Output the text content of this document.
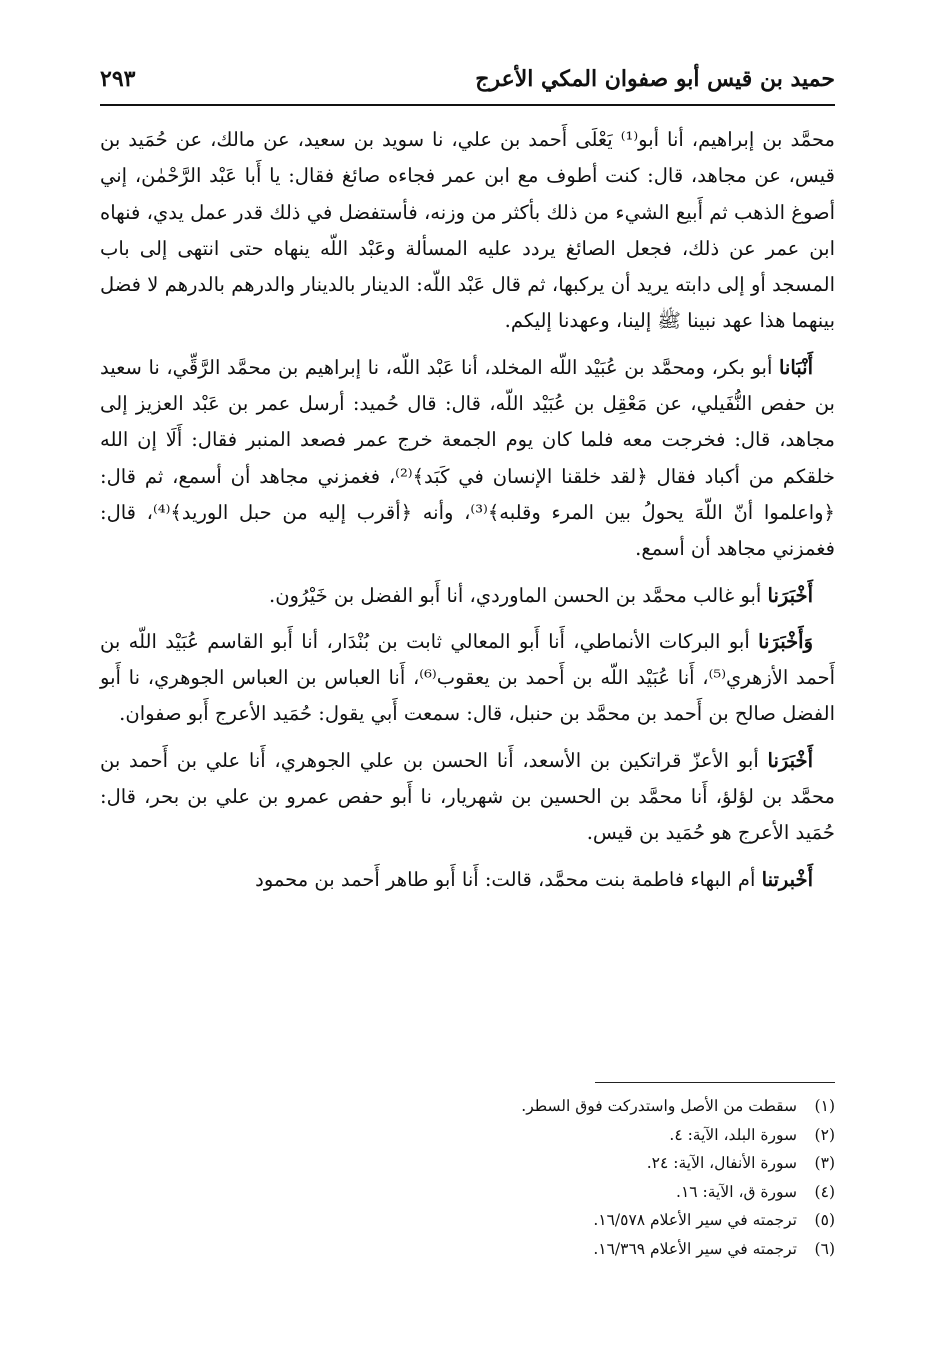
حميد بن قيس أبو صفوان المكي الأعرج
٢٩٣

محمَّد بن إبراهيم، أنا أبو⁽¹⁾ يَعْلَى أَحمد بن علي، نا سويد بن سعيد، عن مالك، عن حُمَيد بن قيس، عن مجاهد، قال: كنت أطوف مع ابن عمر فجاءه صائغ فقال: يا أَبا عَبْد الرَّحْمٰن، إني أصوغ الذهب ثم أَبيع الشيء من ذلك بأكثر من وزنه، فأستفضل في ذلك قدر عمل يدي، فنهاه ابن عمر عن ذلك، فجعل الصائغ يردد عليه المسألة وعَبْد اللّه ينهاه حتى انتهى إلى باب المسجد أو إلى دابته يريد أن يركبها، ثم قال عَبْد اللّه: الدينار بالدينار والدرهم بالدرهم لا فضل بينهما هذا عهد نبينا ﷺ إلينا، وعهدنا إليكم.

أَنْبَانا أبو بكر، ومحمَّد بن عُبَيْد اللّه المخلد، أنا عَبْد اللّه، نا إبراهيم بن محمَّد الرَّقِّي، نا سعيد بن حفص النُّفَيلي، عن مَعْقِل بن عُبَيْد اللّه، قال: قال حُميد: أرسل عمر بن عَبْد العزيز إلى مجاهد، قال: فخرجت معه فلما كان يوم الجمعة خرج عمر فصعد المنبر فقال: أَلَا إن الله خلقكم من أكباد فقال ﴿لقد خلقنا الإنسان في كَبَد﴾⁽²⁾، فغمزني مجاهد أن أسمع، ثم قال: ﴿واعلموا أنّ اللّهَ يحولُ بين المرء وقلبه﴾⁽³⁾، وأنه ﴿أقرب إليه من حبل الوريد﴾⁽⁴⁾، قال: فغمزني مجاهد أن أسمع.

أَخْبَرَنا أبو غالب محمَّد بن الحسن الماوردي، أنا أَبو الفضل بن خَيْرُون.

وَأَخْبَرَنا أبو البركات الأنماطي، أَنا أَبو المعالي ثابت بن بُنْدَار، أنا أَبو القاسم عُبَيْد اللّه بن أَحمد الأزهري⁽⁵⁾، أَنا عُبَيْد اللّه بن أَحمد بن يعقوب⁽⁶⁾، أَنا العباس بن العباس الجوهري، نا أَبو الفضل صالح بن أَحمد بن محمَّد بن حنبل، قال: سمعت أَبي يقول: حُمَيد الأعرج أَبو صفوان.

أَخْبَرَنا أبو الأعزّ قراتكين بن الأسعد، أَنا الحسن بن علي الجوهري، أَنا علي بن أَحمد بن محمَّد بن لؤلؤ، أَنا محمَّد بن الحسين بن شهريار، نا أَبو حفص عمرو بن علي بن بحر، قال: حُمَيد الأعرج هو حُمَيد بن قيس.

أَخْبرتنا أم البهاء فاطمة بنت محمَّد، قالت: أَنا أَبو طاهر أَحمد بن محمود

(١)سقطت من الأصل واستدركت فوق السطر.
(٢)سورة البلد، الآية: ٤.
(٣)سورة الأنفال، الآية: ٢٤.
(٤)سورة ق، الآية: ١٦.
(٥)ترجمته في سير الأعلام ١٦/٥٧٨.
(٦)ترجمته في سير الأعلام ١٦/٣٦٩.
